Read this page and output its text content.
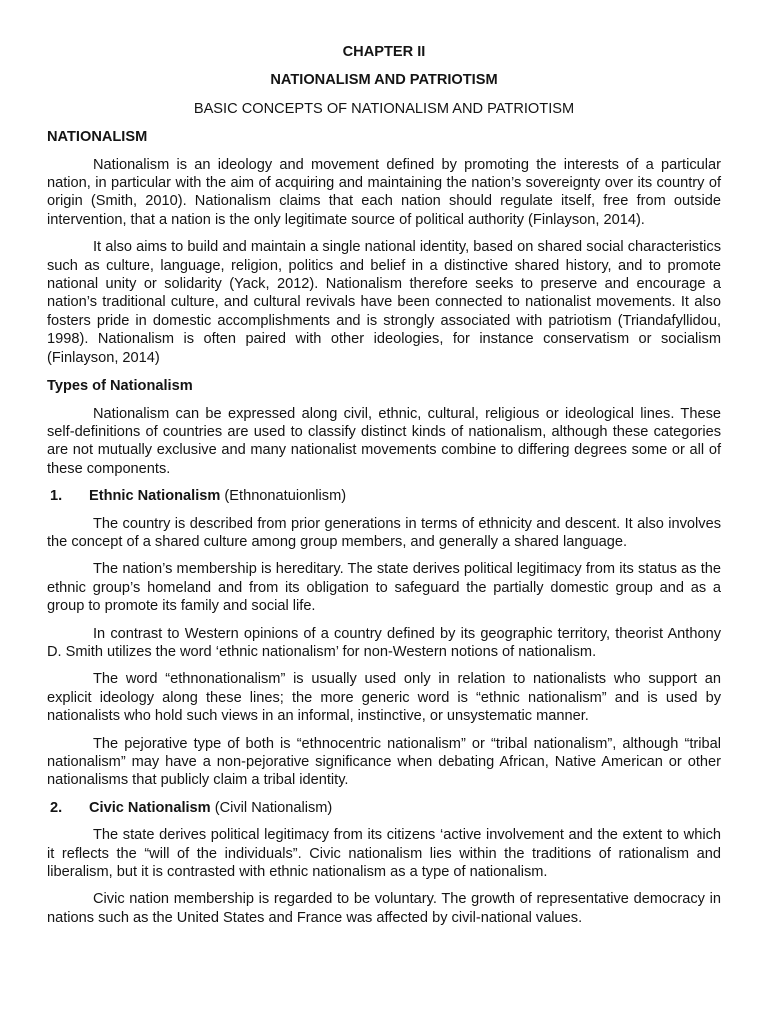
CHAPTER II

NATIONALISM AND PATRIOTISM

BASIC CONCEPTS OF NATIONALISM AND PATRIOTISM

NATIONALISM

Nationalism is an ideology and movement defined by promoting the interests of a particular nation, in particular with the aim of acquiring and maintaining the nation’s sovereignty over its country of origin (Smith, 2010). Nationalism claims that each nation should regulate itself, free from outside intervention, that a nation is the only legitimate source of political authority (Finlayson, 2014).

It also aims to build and maintain a single national identity, based on shared social characteristics such as culture, language, religion, politics and belief in a distinctive shared history, and to promote national unity or solidarity (Yack, 2012). Nationalism therefore seeks to preserve and encourage a nation’s traditional culture, and cultural revivals have been connected to nationalist movements. It also fosters pride in domestic accomplishments and is strongly associated with patriotism (Triandafyllidou, 1998). Nationalism is often paired with other ideologies, for instance conservatism or socialism (Finlayson, 2014)

Types of Nationalism

Nationalism can be expressed along civil, ethnic, cultural, religious or ideological lines. These self-definitions of countries are used to classify distinct kinds of nationalism, although these categories are not mutually exclusive and many nationalist movements combine to differing degrees some or all of these components.

1. Ethnic Nationalism (Ethnonatuionlism)

The country is described from prior generations in terms of ethnicity and descent. It also involves the concept of a shared culture among group members, and generally a shared language.

The nation’s membership is hereditary. The state derives political legitimacy from its status as the ethnic group’s homeland and from its obligation to safeguard the partially domestic group and as a group to promote its family and social life.

In contrast to Western opinions of a country defined by its geographic territory, theorist Anthony D. Smith utilizes the word ‘ethnic nationalism’ for non-Western notions of nationalism.

The word “ethnonationalism” is usually used only in relation to nationalists who support an explicit ideology along these lines; the more generic word is “ethnic nationalism” and is used by nationalists who hold such views in an informal, instinctive, or unsystematic manner.

The pejorative type of both is “ethnocentric nationalism” or “tribal nationalism”, although “tribal nationalism” may have a non-pejorative significance when debating African, Native American or other nationalisms that publicly claim a tribal identity.

2. Civic Nationalism (Civil Nationalism)

The state derives political legitimacy from its citizens ‘active involvement and the extent to which it reflects the “will of the individuals”. Civic nationalism lies within the traditions of rationalism and liberalism, but it is contrasted with ethnic nationalism as a type of nationalism.

Civic nation membership is regarded to be voluntary. The growth of representative democracy in nations such as the United States and France was affected by civil-national values.
